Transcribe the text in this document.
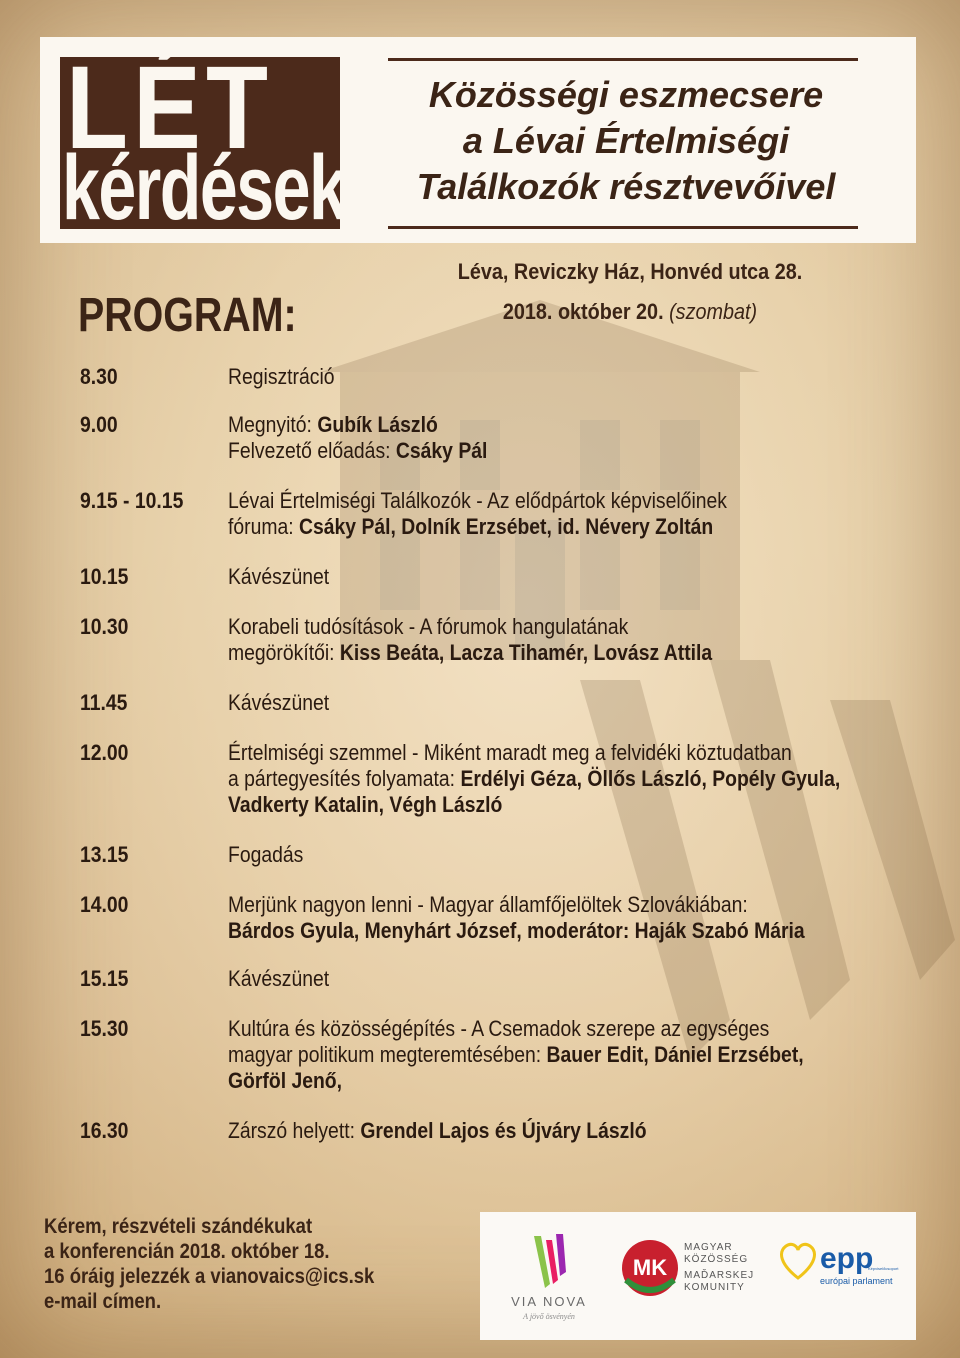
LÉT
kérdések
Közösségi eszmecsere
a Lévai Értelmiségi
Találkozók résztvevőivel
Léva, Reviczky Ház, Honvéd utca 28.
2018. október 20. (szombat)
PROGRAM:
8.30	Regisztráció
9.00	Megnyitó: Gubík László
Felvezető előadás: Csáky Pál
9.15 - 10.15	Lévai Értelmiségi Találkozók - Az elődpártok képviselőinek
fóruma: Csáky Pál, Dolník Erzsébet, id. Névery Zoltán
10.15	Kávészünet
10.30	Korabeli tudósítások - A fórumok hangulatának
megörökítői: Kiss Beáta, Lacza Tihamér, Lovász Attila
11.45	Kávészünet
12.00	Értelmiségi szemmel - Miként maradt meg a felvidéki köztudatban
a pártegyesítés folyamata: Erdélyi Géza, Öllős László, Popély Gyula,
Vadkerty Katalin, Végh László
13.15	Fogadás
14.00	Merjünk nagyon lenni - Magyar államfőjelöltek Szlovákiában:
Bárdos Gyula, Menyhárt József, moderátor: Haják Szabó Mária
15.15	Kávészünet
15.30	Kultúra és közösségépítés - A Csemadok szerepe az egységes
magyar politikum megteremtésében: Bauer Edit, Dániel Erzsébet,
Görföl Jenő,
16.30	Zárszó helyett: Grendel Lajos és Újváry László
Kérem, részvételi szándékukat
a konferencián 2018. október 18.
16 óráig jelezzék a vianovaics@ics.sk
e-mail címen.	VIA NOVA
A jövő ösvényén
MK
MAGYAR
KÖZÖSSÉG
MAĎARSKEJ
KOMUNITY
epp
Képviselőcsoport
európai parlament
